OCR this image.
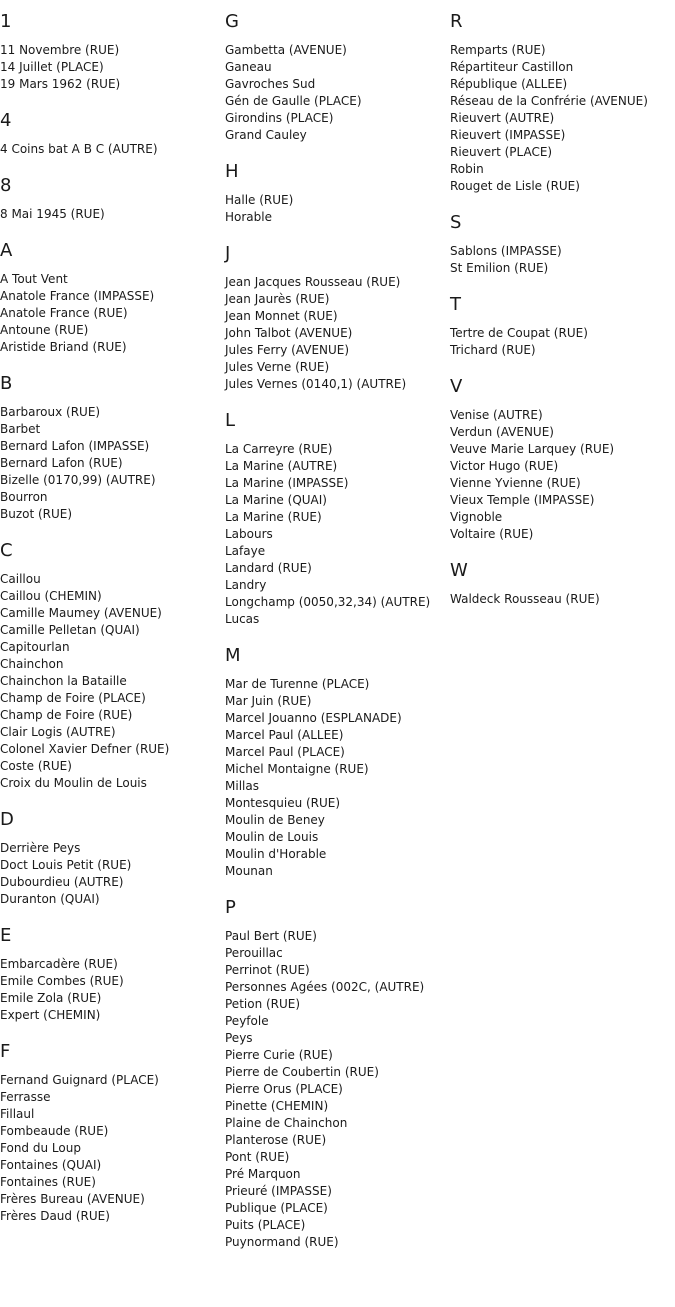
1
11 Novembre (RUE)
14 Juillet (PLACE)
19 Mars 1962 (RUE)
4
4 Coins bat A B C (AUTRE)
8
8 Mai 1945 (RUE)
A
A Tout Vent
Anatole France (IMPASSE)
Anatole France (RUE)
Antoune (RUE)
Aristide Briand (RUE)
B
Barbaroux (RUE)
Barbet
Bernard Lafon (IMPASSE)
Bernard Lafon (RUE)
Bizelle (0170,99) (AUTRE)
Bourron
Buzot (RUE)
C
Caillou
Caillou (CHEMIN)
Camille Maumey (AVENUE)
Camille Pelletan (QUAI)
Capitourlan
Chainchon
Chainchon la Bataille
Champ de Foire (PLACE)
Champ de Foire (RUE)
Clair Logis (AUTRE)
Colonel Xavier Defner (RUE)
Coste (RUE)
Croix du Moulin de Louis
D
Derrière Peys
Doct Louis Petit (RUE)
Dubourdieu (AUTRE)
Duranton (QUAI)
E
Embarcadère (RUE)
Emile Combes (RUE)
Emile Zola (RUE)
Expert (CHEMIN)
F
Fernand Guignard (PLACE)
Ferrasse
Fillaul
Fombeaude (RUE)
Fond du Loup
Fontaines (QUAI)
Fontaines (RUE)
Frères Bureau (AVENUE)
Frères Daud (RUE)
G
Gambetta (AVENUE)
Ganeau
Gavroches Sud
Gén de Gaulle (PLACE)
Girondins (PLACE)
Grand Cauley
H
Halle (RUE)
Horable
J
Jean Jacques Rousseau (RUE)
Jean Jaurès (RUE)
Jean Monnet (RUE)
John Talbot (AVENUE)
Jules Ferry (AVENUE)
Jules Verne (RUE)
Jules Vernes (0140,1) (AUTRE)
L
La Carreyre (RUE)
La Marine (AUTRE)
La Marine (IMPASSE)
La Marine (QUAI)
La Marine (RUE)
Labours
Lafaye
Landard (RUE)
Landry
Longchamp (0050,32,34) (AUTRE)
Lucas
M
Mar de Turenne (PLACE)
Mar Juin (RUE)
Marcel Jouanno (ESPLANADE)
Marcel Paul (ALLEE)
Marcel Paul (PLACE)
Michel Montaigne (RUE)
Millas
Montesquieu (RUE)
Moulin de Beney
Moulin de Louis
Moulin d'Horable
Mounan
P
Paul Bert (RUE)
Perouillac
Perrinot (RUE)
Personnes Agées (002C, (AUTRE)
Petion (RUE)
Peyfole
Peys
Pierre Curie (RUE)
Pierre de Coubertin (RUE)
Pierre Orus (PLACE)
Pinette (CHEMIN)
Plaine de Chainchon
Planterose (RUE)
Pont (RUE)
Pré Marquon
Prieuré (IMPASSE)
Publique (PLACE)
Puits (PLACE)
Puynormand (RUE)
R
Remparts (RUE)
Répartiteur Castillon
République (ALLEE)
Réseau de la Confrérie (AVENUE)
Rieuvert (AUTRE)
Rieuvert (IMPASSE)
Rieuvert (PLACE)
Robin
Rouget de Lisle (RUE)
S
Sablons (IMPASSE)
St Emilion (RUE)
T
Tertre de Coupat (RUE)
Trichard (RUE)
V
Venise (AUTRE)
Verdun (AVENUE)
Veuve Marie Larquey (RUE)
Victor Hugo (RUE)
Vienne Yvienne (RUE)
Vieux Temple (IMPASSE)
Vignoble
Voltaire (RUE)
W
Waldeck Rousseau (RUE)
